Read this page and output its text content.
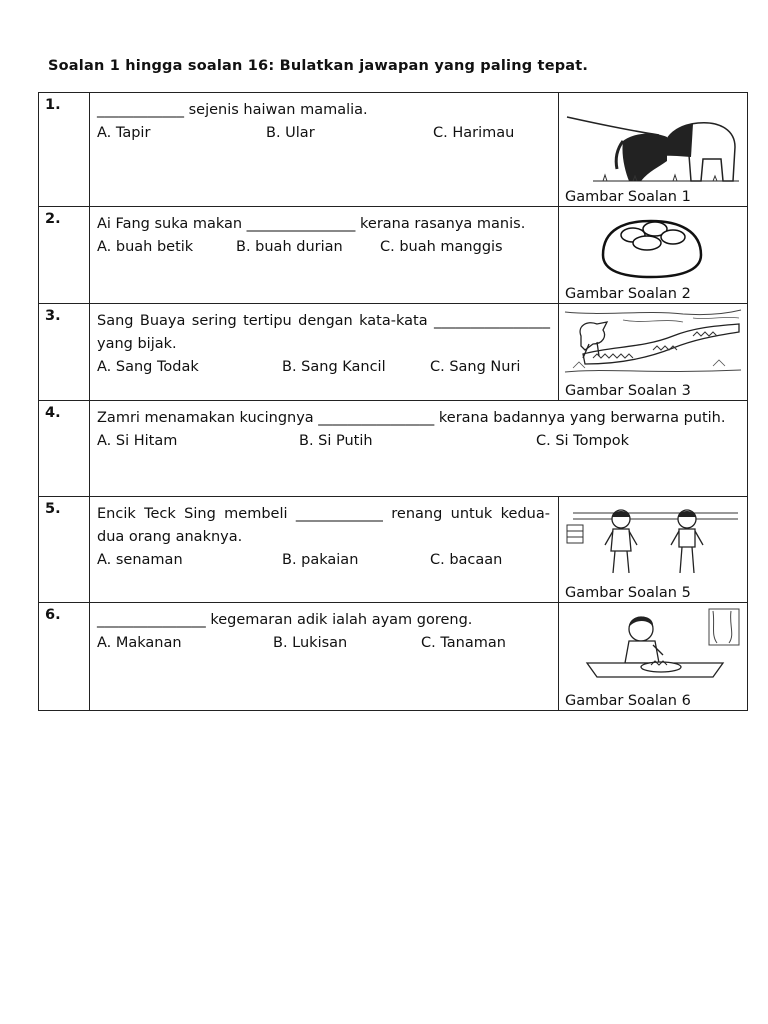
Soalan 1 hingga soalan 16: Bulatkan jawapan yang paling tepat.
1.	____________ sejenis haiwan mamalia.
A. Tapir B. Ular C. Harimau	Gambar Soalan 1

2.	Ai Fang suka makan _______________ kerana rasanya manis.
A. buah betik B. buah durian C. buah manggis	Gambar Soalan 2

3.	Sang Buaya sering tertipu dengan kata-kata ________________ yang bijak.
A. Sang Todak B. Sang Kancil C. Sang Nuri	Gambar Soalan 3

4.	Zamri menamakan kucingnya ________________ kerana badannya yang berwarna putih.
A. Si Hitam B. Si Putih C. Si Tompok	

5.	Encik Teck Sing membeli ____________ renang untuk kedua-dua orang anaknya.
A. senaman B. pakaian C. bacaan	Gambar Soalan 5

6.	_______________ kegemaran adik ialah ayam goreng.
A. Makanan B. Lukisan C. Tanaman	Gambar Soalan 6
